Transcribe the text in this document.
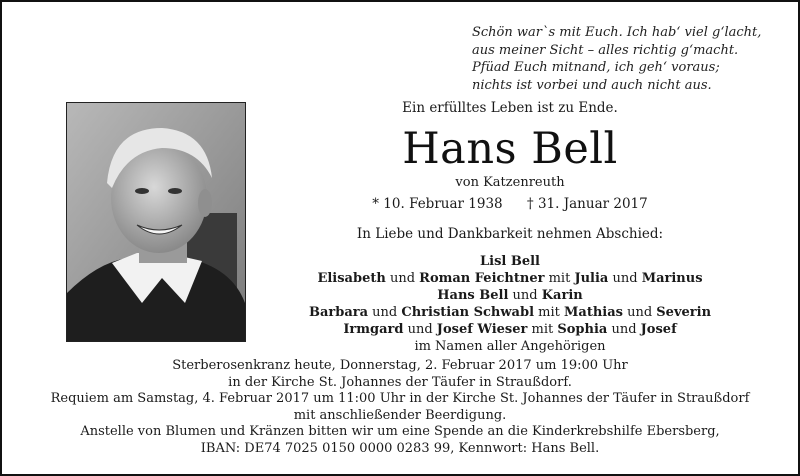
Schön war`s mit Euch. Ich hab‘ viel g‘lacht,
aus meiner Sicht – alles richtig g‘macht.
Pfüad Euch mitnand, ich geh‘ voraus;
nichts ist vorbei und auch nicht aus.
Ein erfülltes Leben ist zu Ende.
Hans Bell
von Katzenreuth
* 10. Februar 1938 † 31. Januar 2017
In Liebe und Dankbarkeit nehmen Abschied:
Lisl Bell
Elisabeth und Roman Feichtner mit Julia und Marinus
Hans Bell und Karin
Barbara und Christian Schwabl mit Mathias und Severin
Irmgard und Josef Wieser mit Sophia und Josef
im Namen aller Angehörigen
Sterberosenkranz heute, Donnerstag, 2. Februar 2017 um 19:00 Uhr
in der Kirche St. Johannes der Täufer in Straußdorf.
Requiem am Samstag, 4. Februar 2017 um 11:00 Uhr in der Kirche St. Johannes der Täufer in Straußdorf
mit anschließender Beerdigung.
Anstelle von Blumen und Kränzen bitten wir um eine Spende an die Kinderkrebshilfe Ebersberg,
IBAN: DE74 7025 0150 0000 0283 99, Kennwort: Hans Bell.
